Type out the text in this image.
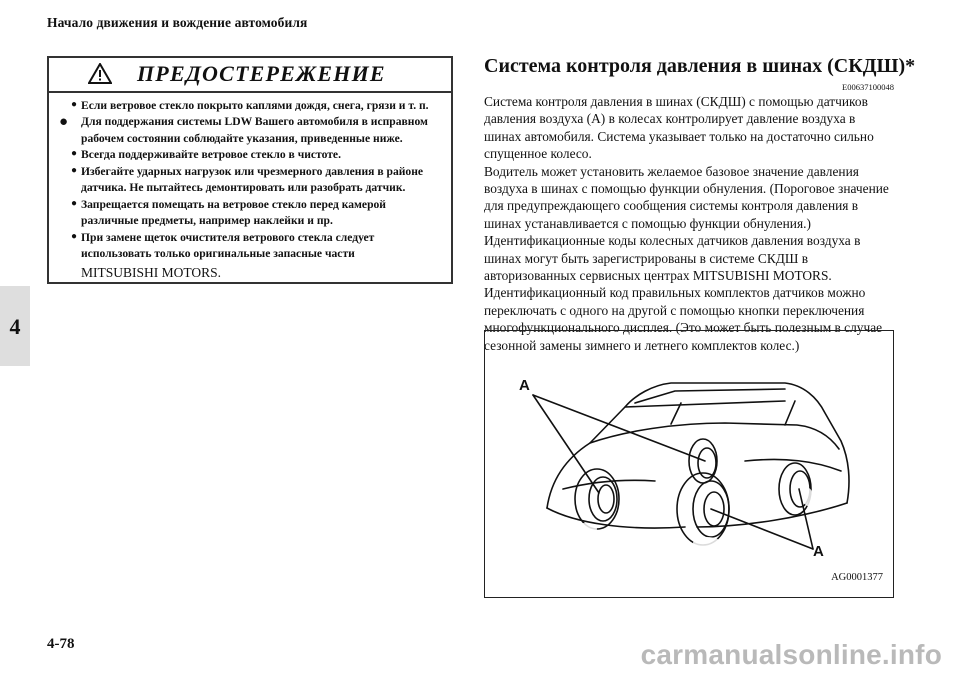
Начало движения и вождение автомобиля
4
ПРЕДОСТЕРЕЖЕНИЕ
● Если ветровое стекло покрыто каплями дождя, снега, грязи и т. п.
● Для поддержания системы LDW Вашего автомобиля в исправном рабочем состоянии соблюдайте указания, приведенные ниже.
● Всегда поддерживайте ветровое стекло в чистоте.
● Избегайте ударных нагрузок или чрезмерного давления в районе датчика. Не пытайтесь демонтировать или разобрать датчик.
● Запрещается помещать на ветровое стекло перед камерой различные предметы, например наклейки и пр.
● При замене щеток очистителя ветрового стекла следует использовать только оригинальные запасные части
MITSUBISHI MOTORS.
Система контроля давления в шинах (СКДШ)*
E00637100048

Система контроля давления в шинах (СКДШ) с помощью датчиков давления воздуха (A) в колесах контролирует давление воздуха в шинах автомобиля. Система указывает только на достаточно сильно спущенное колесо.

Водитель может установить желаемое базовое значение давления воздуха в шинах с помощью функции обнуления. (Пороговое значение для предупреждающего сообщения системы контроля давления в шинах устанавливается с помощью функции обнуления.)

Идентификационные коды колесных датчиков давления воздуха в шинах могут быть зарегистрированы в системе СКДШ в авторизованных сервисных центрах MITSUBISHI MOTORS.

Идентификационный код правильных комплектов датчиков можно переключать с одного на другой с помощью кнопки переключения многофункционального дисплея. (Это может быть полезным в случае сезонной замены зимнего и летнего комплектов колес.)

A
A
AG0001377
4-78	carmanualsonline.info
